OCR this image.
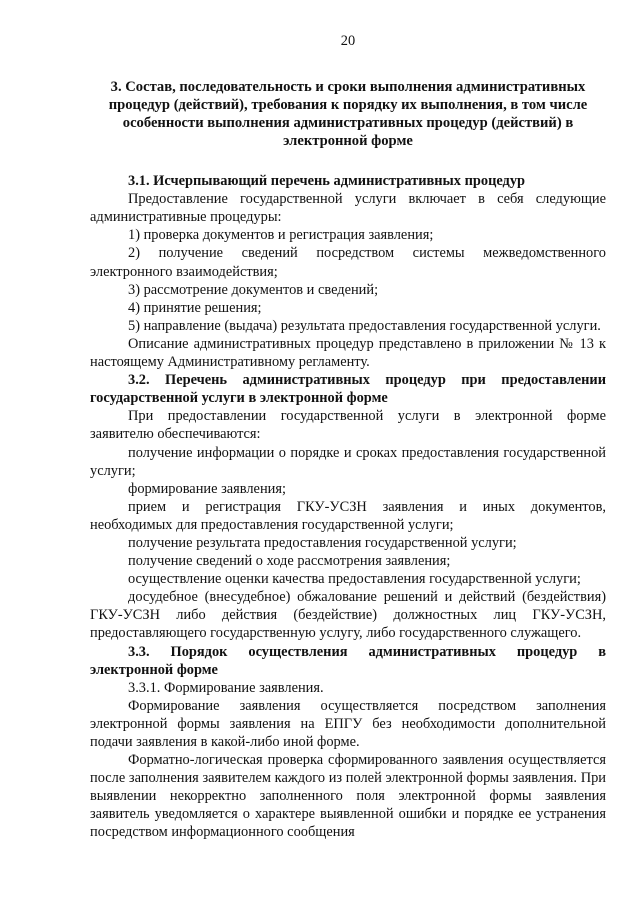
20
3. Состав, последовательность и сроки выполнения административных
процедур (действий), требования к порядку их выполнения, в том числе
особенности выполнения административных процедур (действий) в
электронной форме

3.1. Исчерпывающий перечень административных процедур

Предоставление государственной услуги включает в себя следующие административные процедуры:

1) проверка документов и регистрация заявления;

2) получение сведений посредством системы межведомственного электронного взаимодействия;

3) рассмотрение документов и сведений;

4) принятие решения;

5) направление (выдача) результата предоставления государственной услуги.

Описание административных процедур представлено в приложении № 13 к настоящему Административному регламенту.

3.2. Перечень административных процедур при предоставлении государственной услуги в электронной форме

При предоставлении государственной услуги в электронной форме заявителю обеспечиваются:

получение информации о порядке и сроках предоставления государственной услуги;

формирование заявления;

прием и регистрация ГКУ-УСЗН заявления и иных документов, необходимых для предоставления государственной услуги;

получение результата предоставления государственной услуги;

получение сведений о ходе рассмотрения заявления;

осуществление оценки качества предоставления государственной услуги;

досудебное (внесудебное) обжалование решений и действий (бездействия) ГКУ-УСЗН либо действия (бездействие) должностных лиц ГКУ-УСЗН, предоставляющего государственную услугу, либо государственного служащего.

3.3. Порядок осуществления административных процедур в электронной форме

3.3.1. Формирование заявления.

Формирование заявления осуществляется посредством заполнения электронной формы заявления на ЕПГУ без необходимости дополнительной подачи заявления в какой-либо иной форме.

Форматно-логическая проверка сформированного заявления осуществляется после заполнения заявителем каждого из полей электронной формы заявления. При выявлении некорректно заполненного поля электронной формы заявления заявитель уведомляется о характере выявленной ошибки и порядке ее устранения посредством информационного сообщения
